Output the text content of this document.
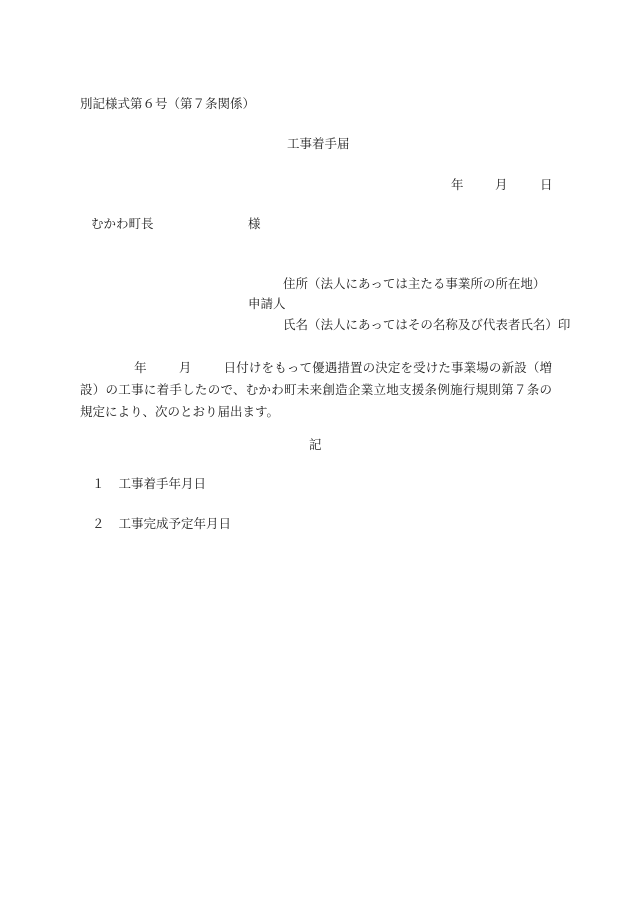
別記様式第６号（第７条関係）
工事着手届
年	月	日
むかわ町長	様
住所（法人にあっては主たる事業所の所在地）
申請人
氏名（法人にあってはその名称及び代表者氏名）印
年	月	日付けをもって優遇措置の決定を受けた事業場の新設（増設）の工事に着手したので、むかわ町未来創造企業立地支援条例施行規則第７条の規定により、次のとおり届出ます。
記
１ 工事着手年月日
２ 工事完成予定年月日
